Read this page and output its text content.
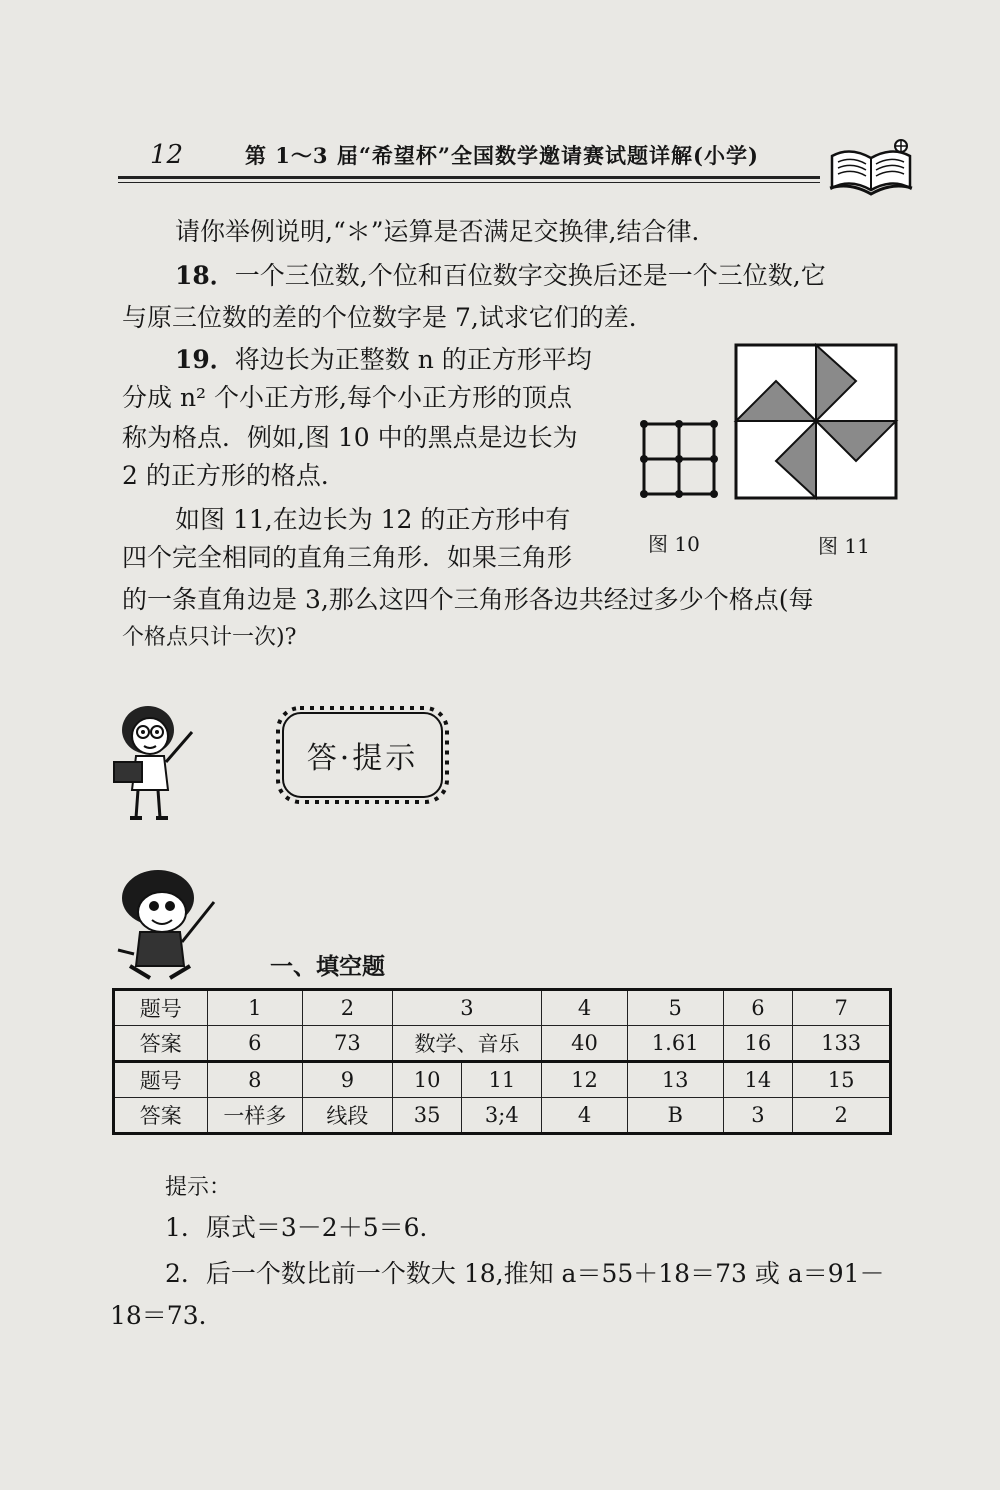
12	第 1～3 届“希望杯”全国数学邀请赛试题详解(小学)
请你举例说明,“＊”运算是否满足交换律,结合律．
18．一个三位数,个位和百位数字交换后还是一个三位数,它
与原三位数的差的个位数字是 7,试求它们的差．
19．将边长为正整数 n 的正方形平均
分成 n² 个小正方形,每个小正方形的顶点
称为格点．例如,图 10 中的黑点是边长为
2 的正方形的格点．
如图 11,在边长为 12 的正方形中有
四个完全相同的直角三角形．如果三角形
的一条直角边是 3,那么这四个三角形各边共经过多少个格点(每
个格点只计一次)?
图 10	图 11
答·提示
一、填空题
题号	1	2	3		4	5	6	7
答案	6	73	数学、音乐		40	1.61	16	133
题号	8	9	10	11	12	13	14	15
答案	一样多	线段	35	3;4	4	B	3	2
提示：
1．原式＝3－2＋5＝6．
2．后一个数比前一个数大 18,推知 a＝55＋18＝73 或 a＝91－
18＝73．
